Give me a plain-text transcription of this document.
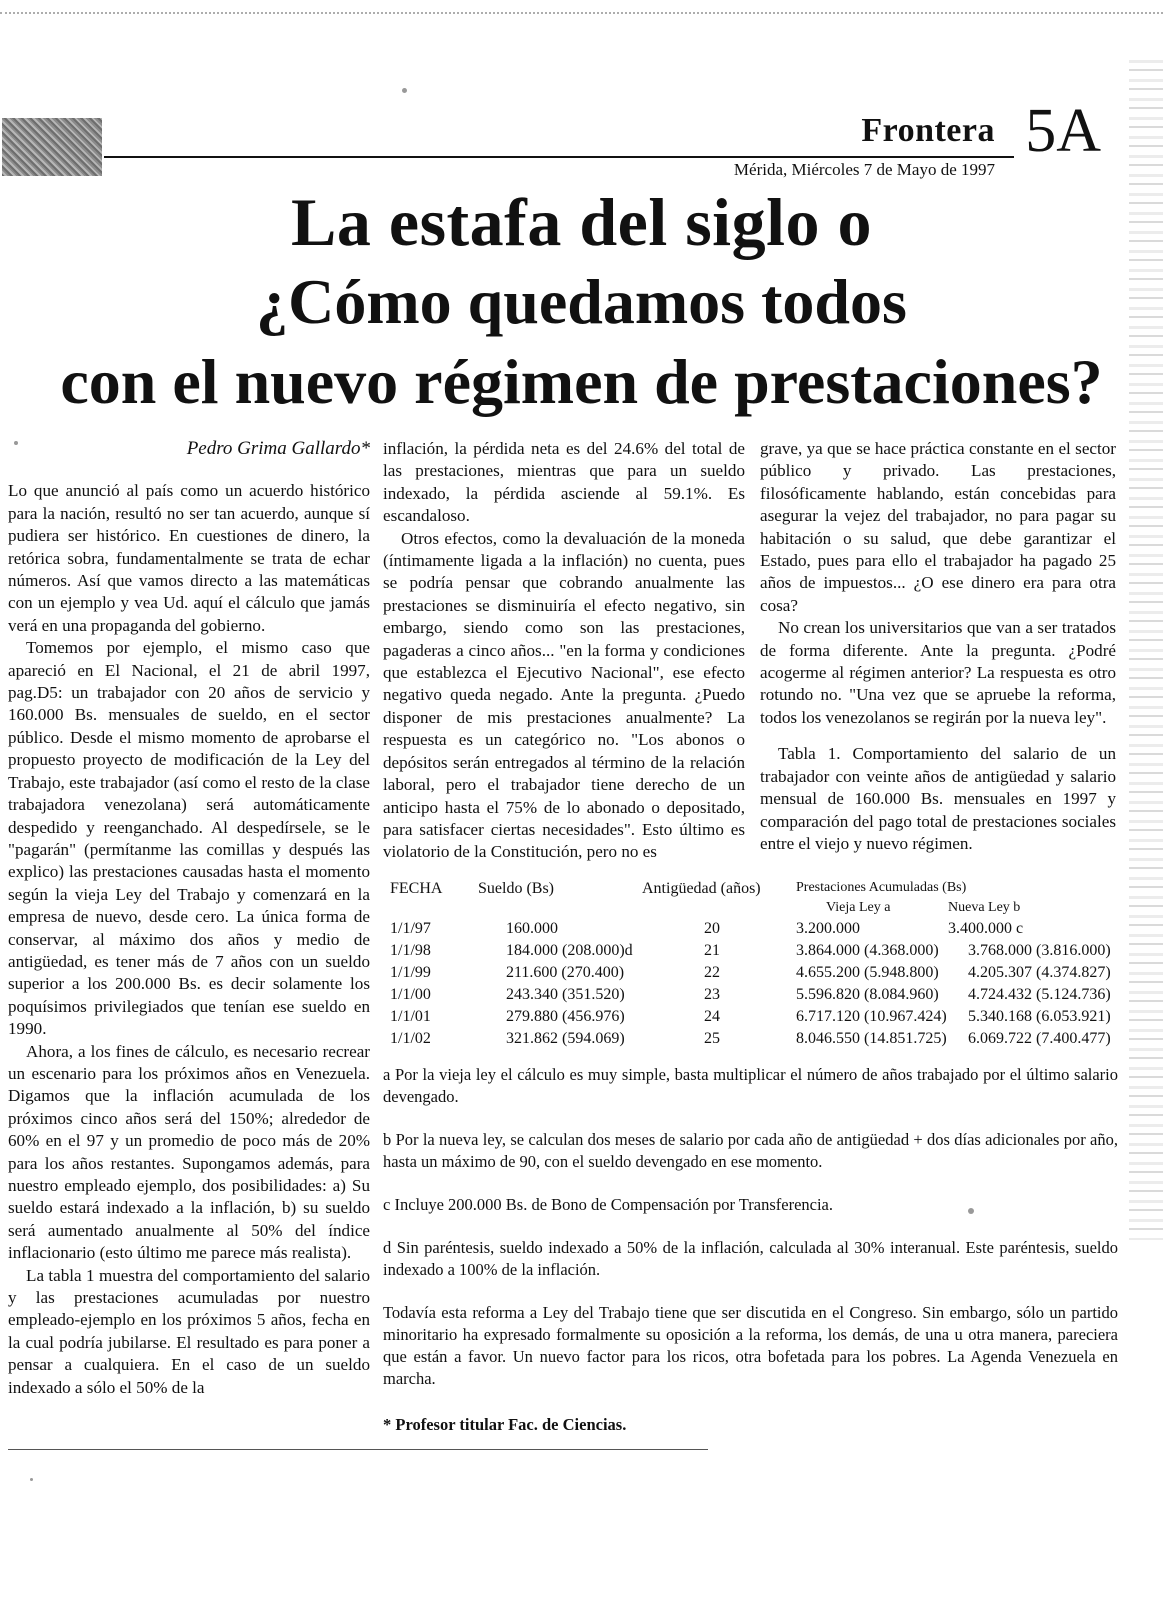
Frontera 5A
Mérida, Miércoles 7 de Mayo de 1997
La estafa del siglo o
¿Cómo quedamos todos
con el nuevo régimen de prestaciones?
Pedro Grima Gallardo*

Lo que anunció al país como un acuerdo histórico para la nación, resultó no ser tan acuerdo, aunque sí pudiera ser histórico. En cuestiones de dinero, la retórica sobra, fundamentalmente se trata de echar números. Así que vamos directo a las matemáticas con un ejemplo y vea Ud. aquí el cálculo que jamás verá en una propaganda del gobierno.

Tomemos por ejemplo, el mismo caso que apareció en El Nacional, el 21 de abril 1997, pag.D5: un trabajador con 20 años de servicio y 160.000 Bs. mensuales de sueldo, en el sector público. Desde el mismo momento de aprobarse el propuesto proyecto de modificación de la Ley del Trabajo, este trabajador (así como el resto de la clase trabajadora venezolana) será automáticamente despedido y reenganchado. Al despedírsele, se le "pagarán" (permítanme las comillas y después las explico) las prestaciones causadas hasta el momento según la vieja Ley del Trabajo y comenzará en la empresa de nuevo, desde cero. La única forma de conservar, al máximo dos años y medio de antigüedad, es tener más de 7 años con un sueldo superior a los 200.000 Bs. es decir solamente los poquísimos privilegiados que tenían ese sueldo en 1990.

Ahora, a los fines de cálculo, es necesario recrear un escenario para los próximos años en Venezuela. Digamos que la inflación acumulada de los próximos cinco años será del 150%; alrededor de 60% en el 97 y un promedio de poco más de 20% para los años restantes. Supongamos además, para nuestro empleado ejemplo, dos posibilidades: a) Su sueldo estará indexado a la inflación, b) su sueldo será aumentado anualmente al 50% del índice inflacionario (esto último me parece más realista).

La tabla 1 muestra del comportamiento del salario y las prestaciones acumuladas por nuestro empleado-ejemplo en los próximos 5 años, fecha en la cual podría jubilarse. El resultado es para poner a pensar a cualquiera. En el caso de un sueldo indexado a sólo el 50% de la

inflación, la pérdida neta es del 24.6% del total de las prestaciones, mientras que para un sueldo indexado, la pérdida asciende al 59.1%. Es escandaloso.

Otros efectos, como la devaluación de la moneda (íntimamente ligada a la inflación) no cuenta, pues se podría pensar que cobrando anualmente las prestaciones se disminuiría el efecto negativo, sin embargo, siendo como son las prestaciones, pagaderas a cinco años... "en la forma y condiciones que establezca el Ejecutivo Nacional", ese efecto negativo queda negado. Ante la pregunta. ¿Puedo disponer de mis prestaciones anualmente? La respuesta es un categórico no. "Los abonos o depósitos serán entregados al término de la relación laboral, pero el trabajador tiene derecho de un anticipo hasta el 75% de lo abonado o depositado, para satisfacer ciertas necesidades". Esto último es violatorio de la Constitución, pero no es

grave, ya que se hace práctica constante en el sector público y privado. Las prestaciones, filosóficamente hablando, están concebidas para asegurar la vejez del trabajador, no para pagar su habitación o su salud, que debe garantizar el Estado, pues para ello el trabajador ha pagado 25 años de impuestos... ¿O ese dinero era para otra cosa?

No crean los universitarios que van a ser tratados de forma diferente. Ante la pregunta. ¿Podré acogerme al régimen anterior? La respuesta es otro rotundo no. "Una vez que se apruebe la reforma, todos los venezolanos se regirán por la nueva ley".

Tabla 1. Comportamiento del salario de un trabajador con veinte años de antigüedad y salario mensual de 160.000 Bs. mensuales en 1997 y comparación del pago total de prestaciones sociales entre el viejo y nuevo régimen.

FECHA Sueldo (Bs)	Antigüedad (años)	Prestaciones Acumuladas (Bs)
Vieja Ley a	Nueva Ley b
1/1/97	160.000	20	3.200.000	3.400.000 c
1/1/98	184.000 (208.000)d	21	3.864.000 (4.368.000) 3.768.000 (3.816.000)
1/1/99	211.600 (270.400)	22	4.655.200 (5.948.800) 4.205.307 (4.374.827)
1/1/00	243.340 (351.520)	23	5.596.820 (8.084.960) 4.724.432 (5.124.736)
1/1/01	279.880 (456.976)	24	6.717.120 (10.967.424) 5.340.168 (6.053.921)
1/1/02	321.862 (594.069)	25	8.046.550 (14.851.725) 6.069.722 (7.400.477)

a Por la vieja ley el cálculo es muy simple, basta multiplicar el número de años trabajado por el último salario devengado.

b Por la nueva ley, se calculan dos meses de salario por cada año de antigüedad + dos días adicionales por año, hasta un máximo de 90, con el sueldo devengado en ese momento.

c Incluye 200.000 Bs. de Bono de Compensación por Transferencia.

d Sin paréntesis, sueldo indexado a 50% de la inflación, calculada al 30% interanual. Este paréntesis, sueldo indexado a 100% de la inflación.

Todavía esta reforma a Ley del Trabajo tiene que ser discutida en el Congreso. Sin embargo, sólo un partido minoritario ha expresado formalmente su oposición a la reforma, los demás, de una u otra manera, pareciera que están a favor. Un nuevo factor para los ricos, otra bofetada para los pobres. La Agenda Venezuela en marcha.

* Profesor titular Fac. de Ciencias.
